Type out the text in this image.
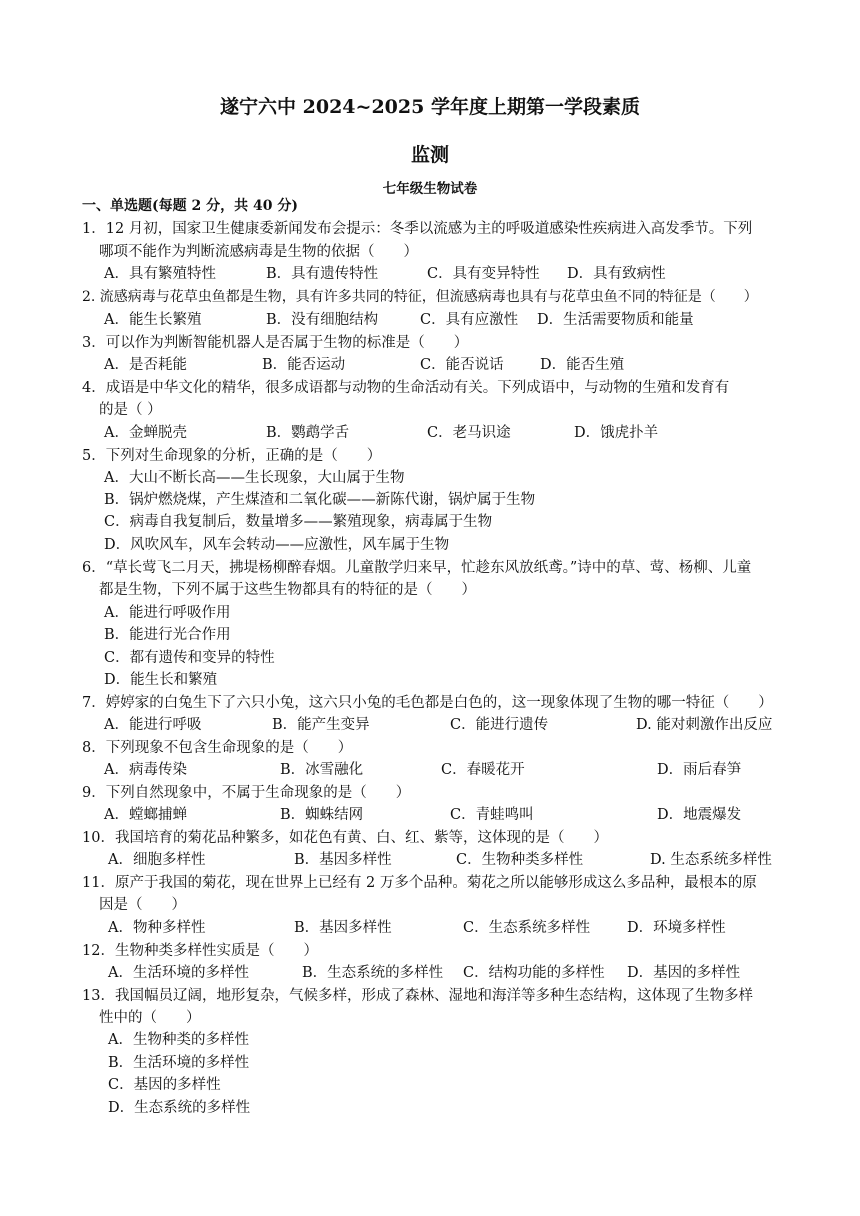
遂宁六中 2024~2025 学年度上期第一学段素质
监测
七年级生物试卷
一、单选题(每题 2 分，共 40 分)
1．12 月初，国家卫生健康委新闻发布会提示：冬季以流感为主的呼吸道感染性疾病进入高发季节。下列
哪项不能作为判断流感病毒是生物的依据（　　）
A．具有繁殖特性	B．具有遗传特性	C．具有变异特性 D．具有致病性
2. 流感病毒与花草虫鱼都是生物，具有许多共同的特征，但流感病毒也具有与花草虫鱼不同的特征是（　　）
A．能生长繁殖	B．没有细胞结构	C．具有应激性 D．生活需要物质和能量
3．可以作为判断智能机器人是否属于生物的标准是（　　）
A．是否耗能	B．能否运动	C．能否说话	D．能否生殖
4．成语是中华文化的精华，很多成语都与动物的生命活动有关。下列成语中，与动物的生殖和发育有
的是（ ）
A．金蝉脱壳	B．鹦鹉学舌	C．老马识途	D．饿虎扑羊
5．下列对生命现象的分析，正确的是（　　）
A．大山不断长高——生长现象，大山属于生物
B．锅炉燃烧煤，产生煤渣和二氧化碳——新陈代谢，锅炉属于生物
C．病毒自我复制后，数量增多——繁殖现象，病毒属于生物
D．风吹风车，风车会转动——应激性，风车属于生物
6．“草长莺飞二月天，拂堤杨柳醉春烟。儿童散学归来早，忙趁东风放纸鸢。”诗中的草、莺、杨柳、儿童
都是生物，下列不属于这些生物都具有的特征的是（　　）
A．能进行呼吸作用
B．能进行光合作用
C．都有遗传和变异的特性
D．能生长和繁殖
7．婷婷家的白兔生下了六只小兔，这六只小兔的毛色都是白色的，这一现象体现了生物的哪一特征（　　）
A．能进行呼吸	B．能产生变异	C．能进行遗传	D. 能对刺激作出反应
8．下列现象不包含生命现象的是（　　）
A．病毒传染	B．冰雪融化	C．春暖花开	D．雨后春笋
9．下列自然现象中，不属于生命现象的是（　　）
A．螳螂捕蝉	B．蜘蛛结网	C．青蛙鸣叫	D．地震爆发
10．我国培育的菊花品种繁多，如花色有黄、白、红、紫等，这体现的是（　　）
A．细胞多样性	B．基因多样性	C．生物种类多样性	D. 生态系统多样性
11．原产于我国的菊花，现在世界上已经有 2 万多个品种。菊花之所以能够形成这么多品种，最根本的原
因是（　　）
A．物种多样性	B．基因多样性	C．生态系统多样性	D．环境多样性
12．生物种类多样性实质是（　　）
A．生活环境的多样性	B．生态系统的多样性 C．结构功能的多样性 D．基因的多样性
13．我国幅员辽阔，地形复杂，气候多样，形成了森林、湿地和海洋等多种生态结构，这体现了生物多样
性中的（　　）
A．生物种类的多样性
B．生活环境的多样性
C．基因的多样性
D．生态系统的多样性
